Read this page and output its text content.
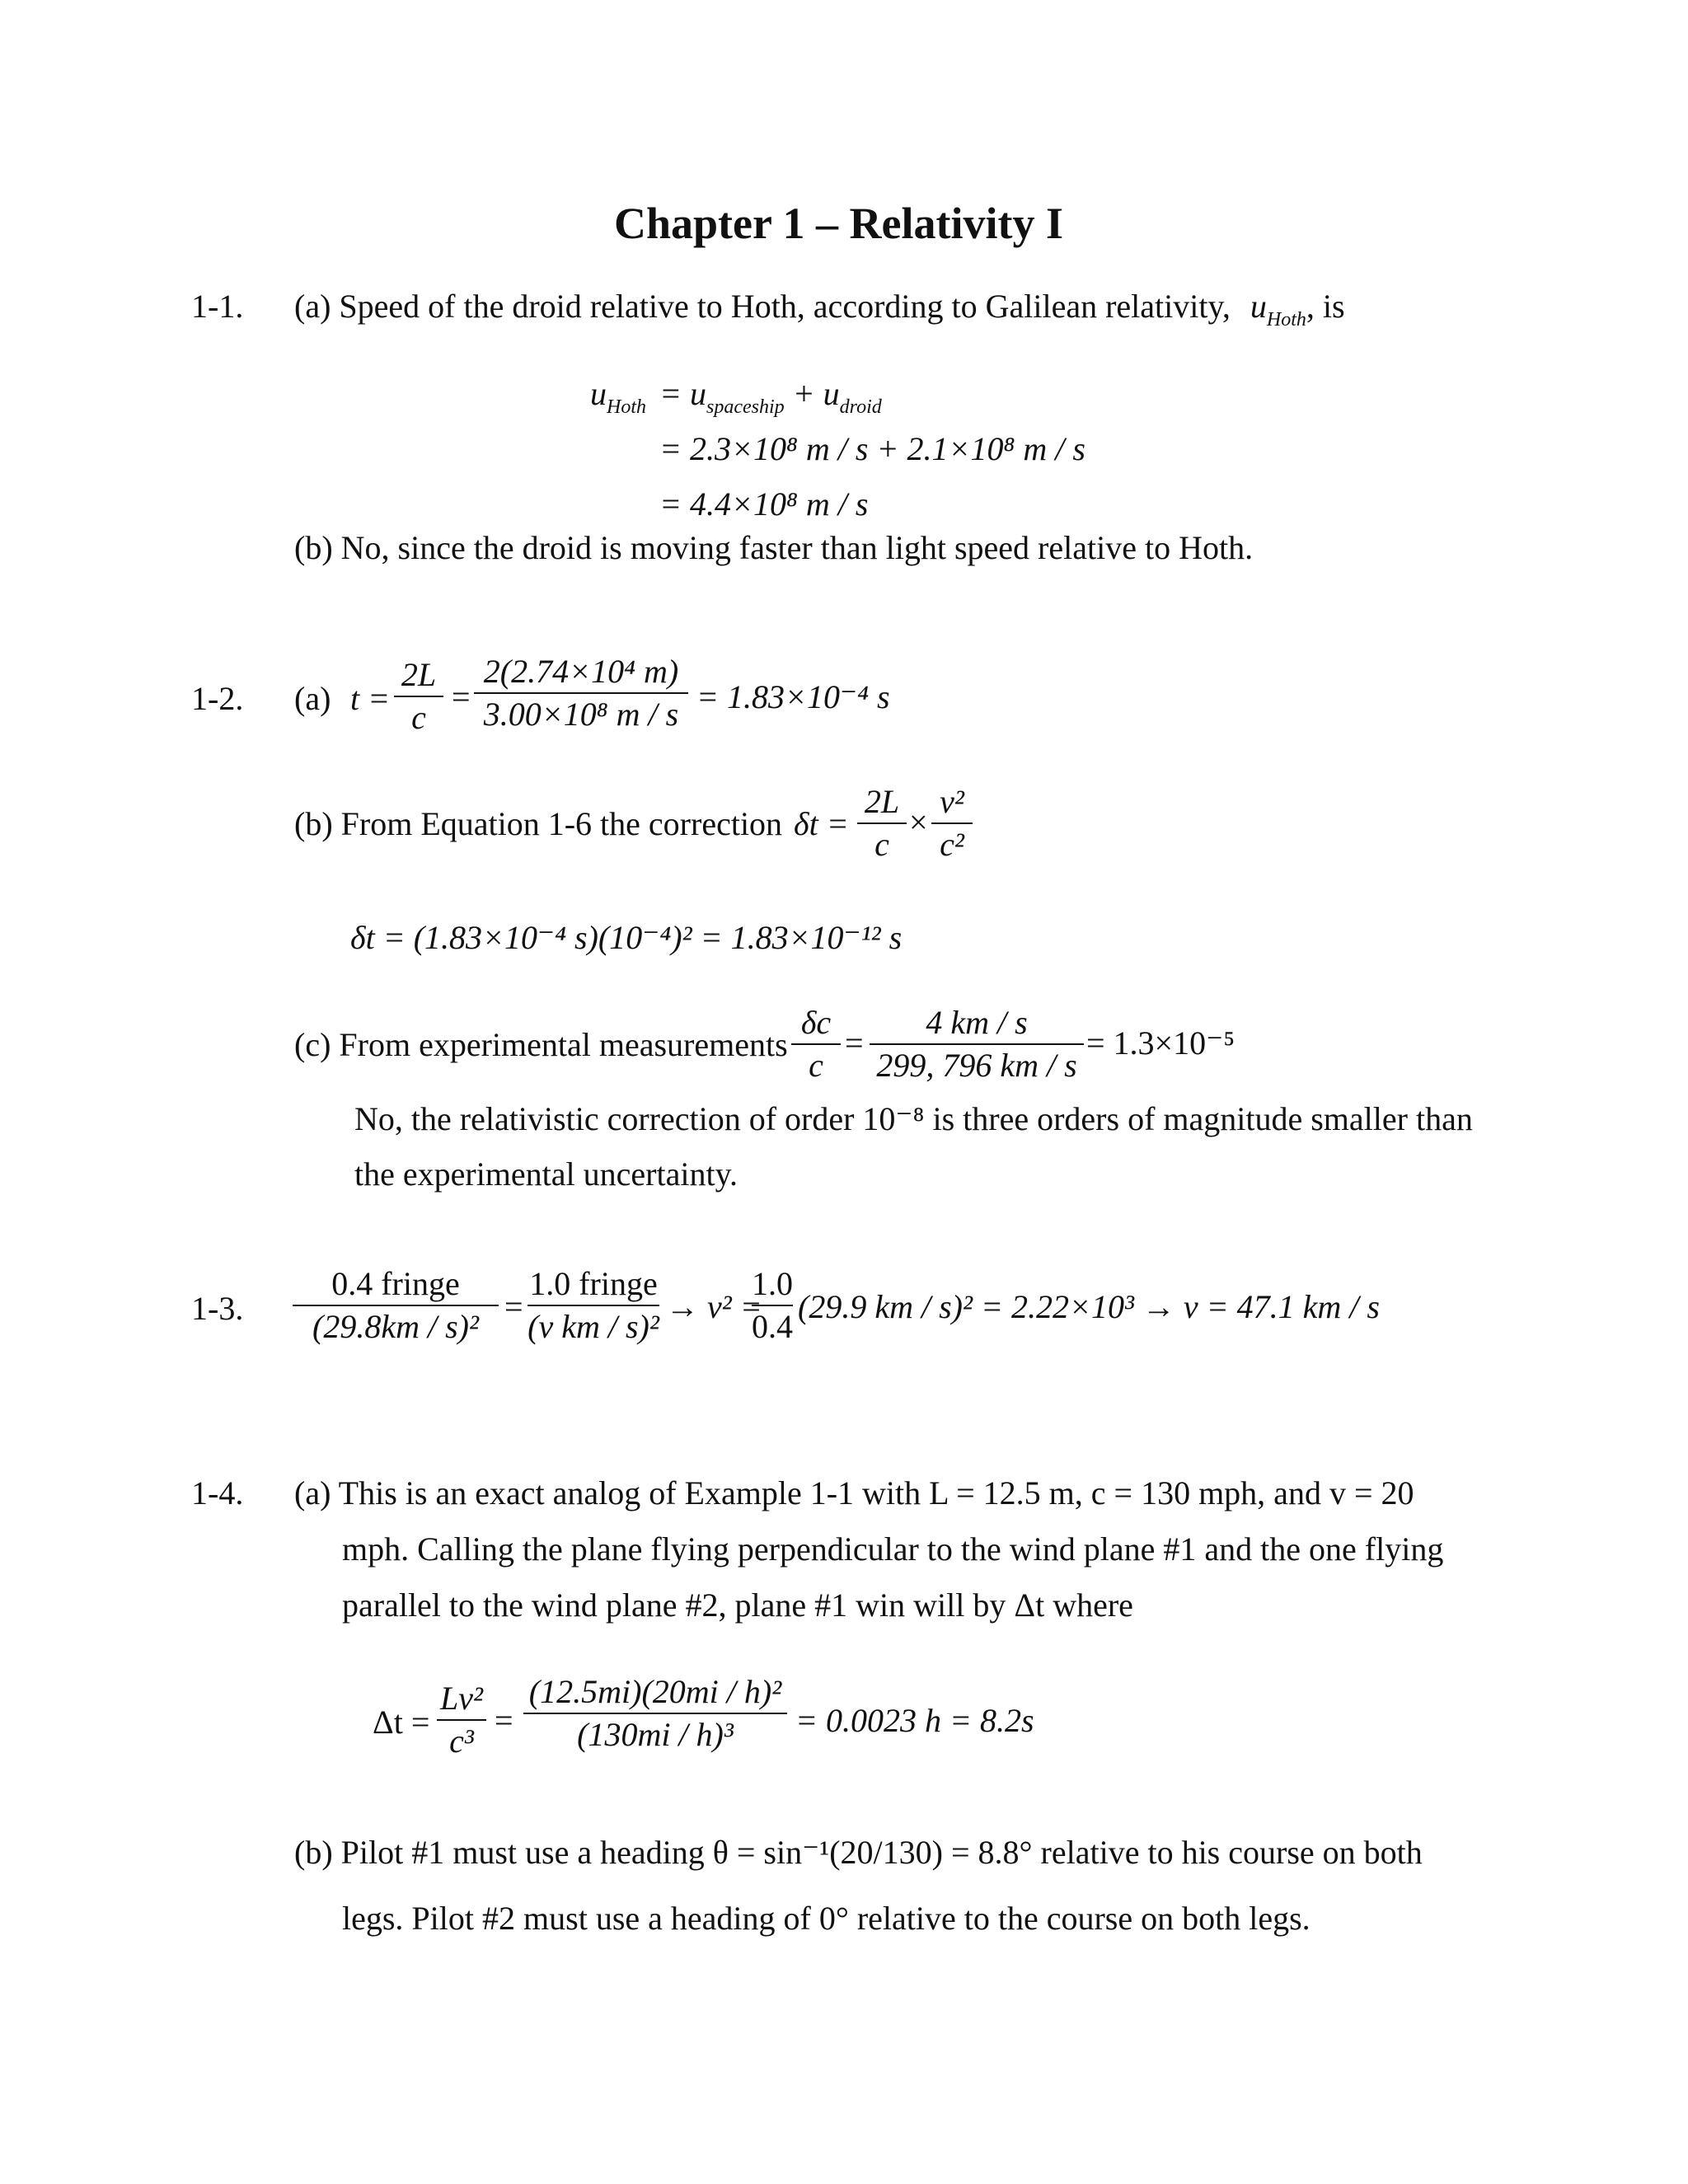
Chapter 1 – Relativity I
1-1. (a) Speed of the droid relative to Hoth, according to Galilean relativity, $u_{Hoth}$, is
$u_{Hoth} = u_{spaceship} + u_{droid}$
= 2.3×10⁸ m / s + 2.1×10⁸ m / s
= 4.4×10⁸ m / s
(b) No, since the droid is moving faster than light speed relative to Hoth.
1-2. (a) t =
2L
c
=
2(2.74×10⁴ m)
3.00×10⁸ m / s = 1.83×10⁻⁴ s
(b) From Equation 1-6 the correction δt =
2L
c
×
v²
c²
δt = (1.83×10⁻⁴ s)(10⁻⁴)² = 1.83×10⁻¹² s
(c) From experimental measurements
δc
c
=
4 km / s
299, 796 km / s
= 1.3×10⁻⁵
No, the relativistic correction of order 10⁻⁸ is three orders of magnitude smaller than
the experimental uncertainty.
1-3.
0.4 fringe
(29.8km / s)²
=
1.0 fringe
(v km / s)²
→ v² =
1.0
0.4
(29.9 km / s)² = 2.22×10³ → v = 47.1 km / s
1-4. (a) This is an exact analog of Example 1-1 with L = 12.5 m, c = 130 mph, and v = 20
mph. Calling the plane flying perpendicular to the wind plane #1 and the one flying
parallel to the wind plane #2, plane #1 win will by Δt where
Δt =
Lv²
c³
=
(12.5mi)(20mi / h)²
(130mi / h)³	= 0.0023 h = 8.2s
(b) Pilot #1 must use a heading θ = sin⁻¹(20/130) = 8.8° relative to his course on both
legs. Pilot #2 must use a heading of 0° relative to the course on both legs.
